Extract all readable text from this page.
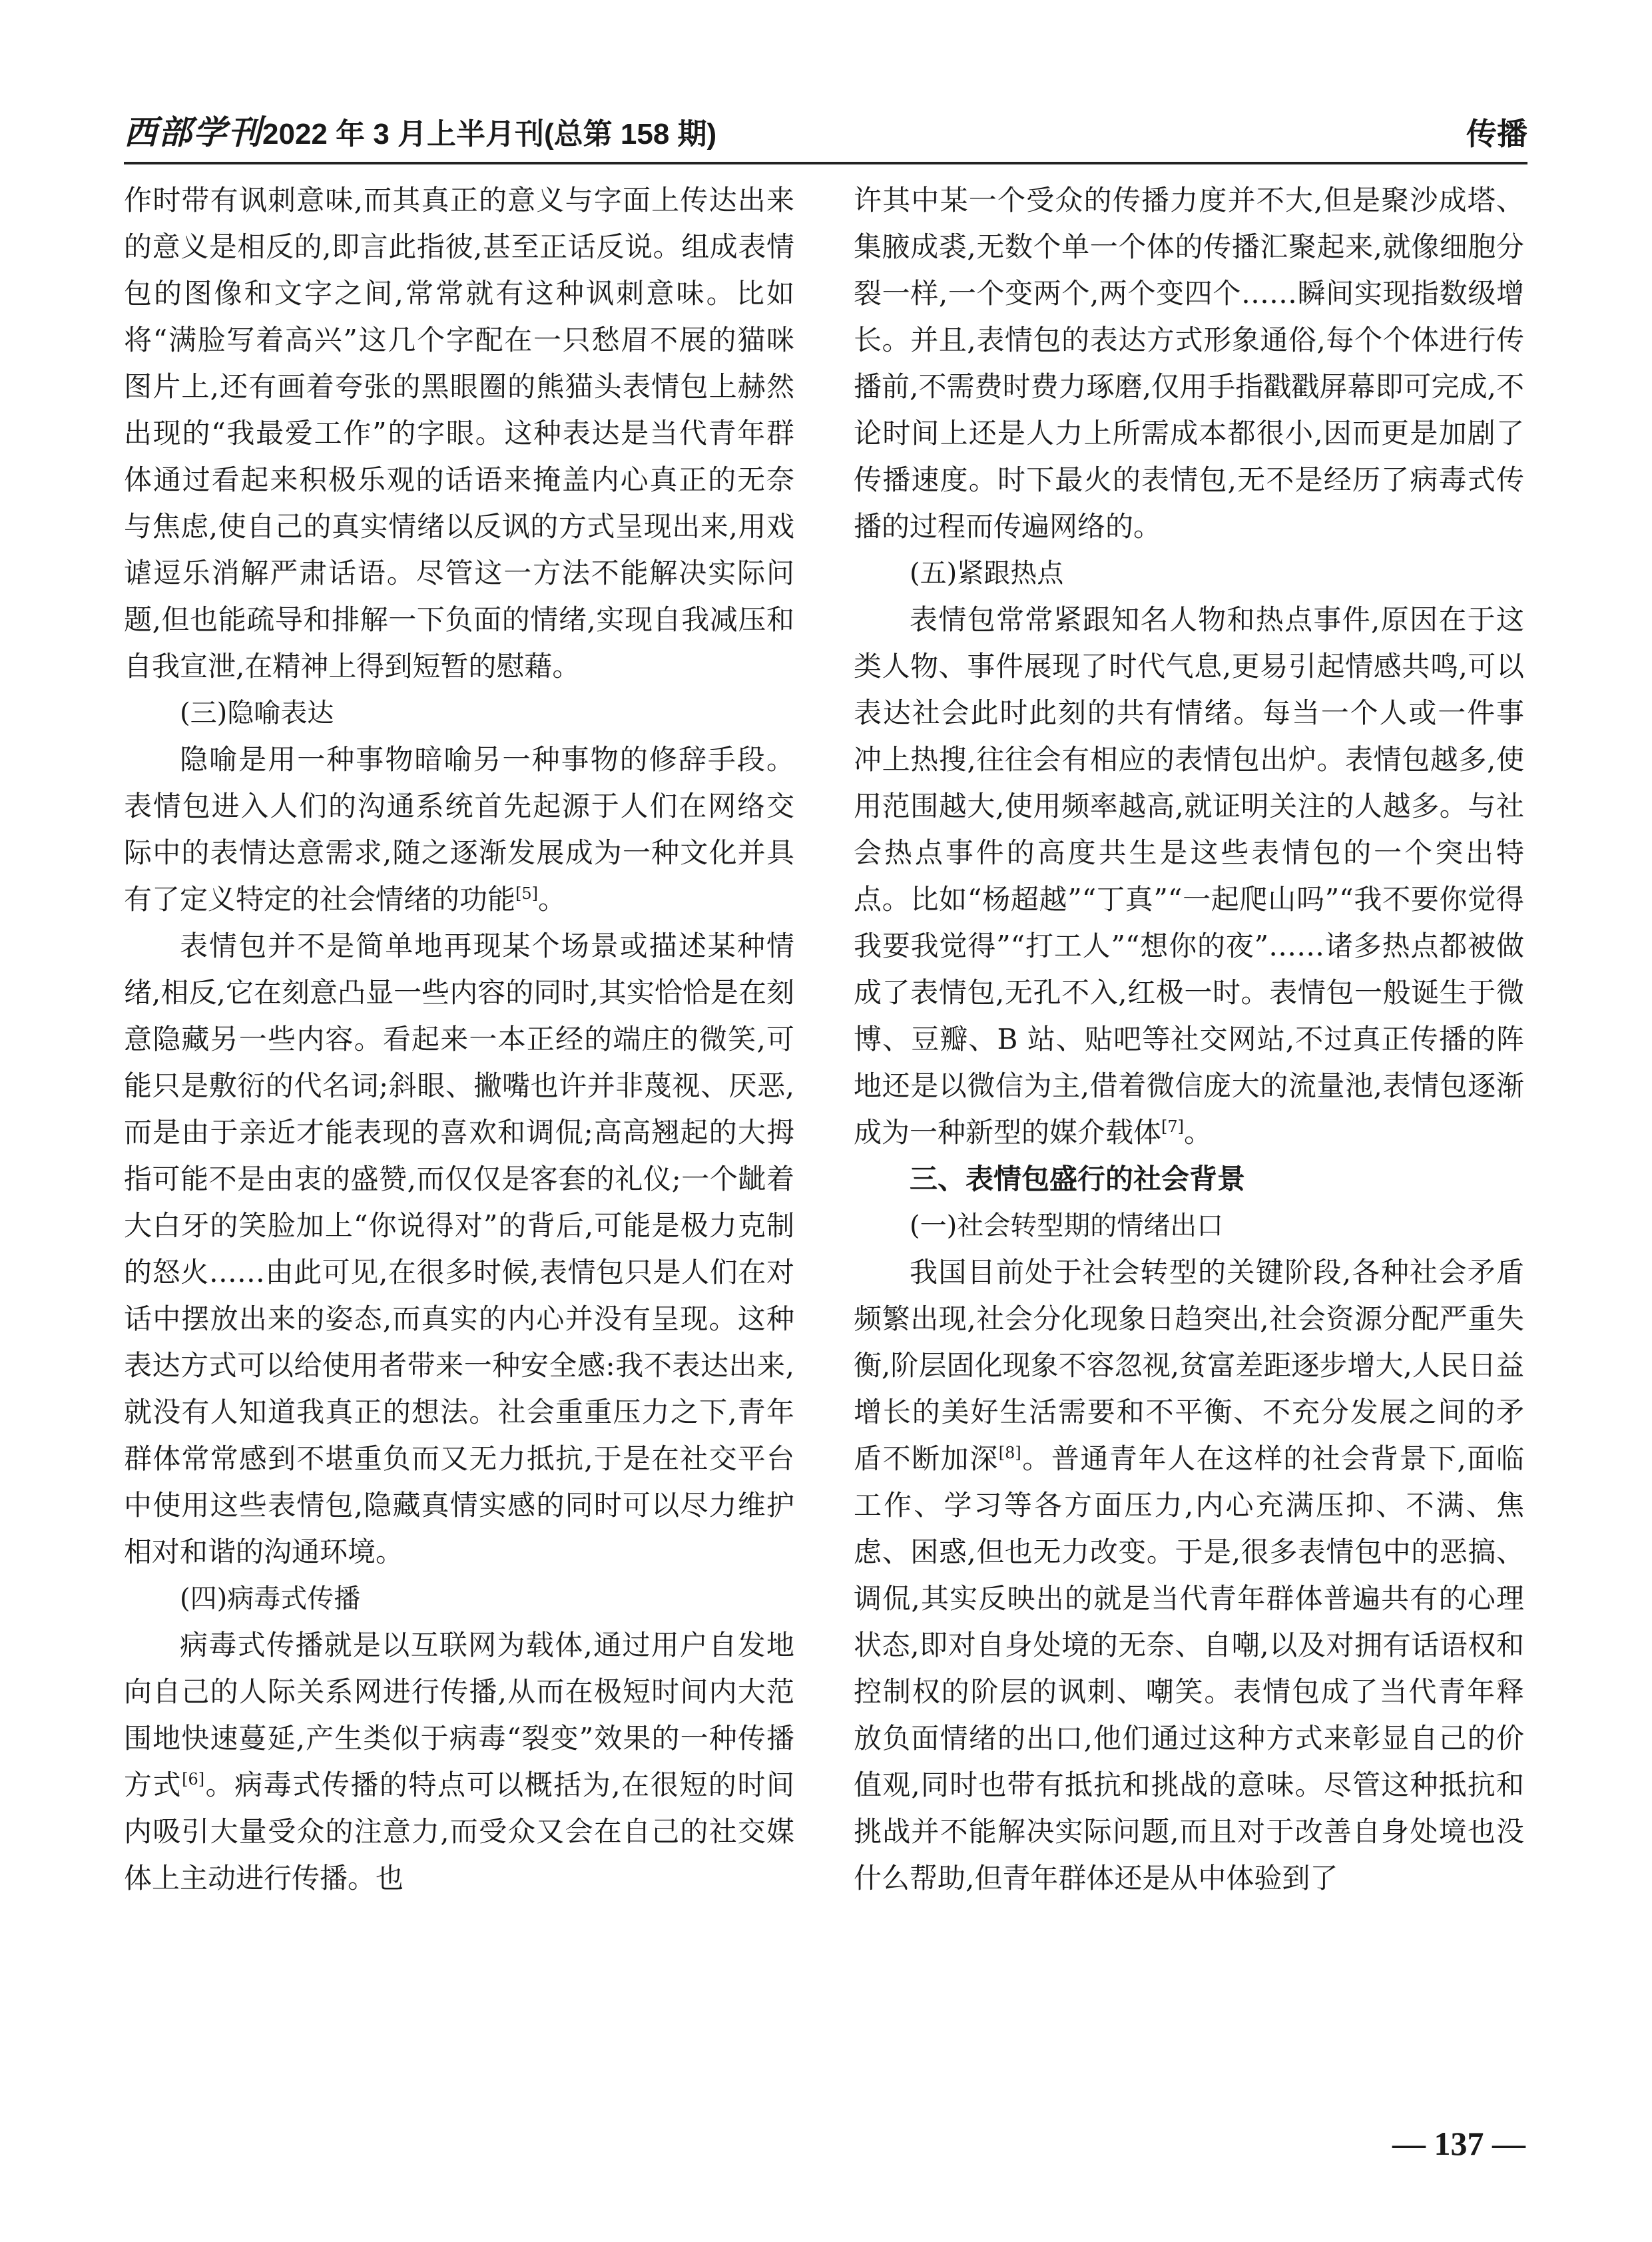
西部学刊 2022 年 3 月上半月刊(总第 158 期)	传播

作时带有讽刺意味,而其真正的意义与字面上传达出来的意义是相反的,即言此指彼,甚至正话反说。组成表情包的图像和文字之间,常常就有这种讽刺意味。比如将“满脸写着高兴”这几个字配在一只愁眉不展的猫咪图片上,还有画着夸张的黑眼圈的熊猫头表情包上赫然出现的“我最爱工作”的字眼。这种表达是当代青年群体通过看起来积极乐观的话语来掩盖内心真正的无奈与焦虑,使自己的真实情绪以反讽的方式呈现出来,用戏谑逗乐消解严肃话语。尽管这一方法不能解决实际问题,但也能疏导和排解一下负面的情绪,实现自我减压和自我宣泄,在精神上得到短暂的慰藉。

(三)隐喻表达

隐喻是用一种事物暗喻另一种事物的修辞手段。表情包进入人们的沟通系统首先起源于人们在网络交际中的表情达意需求,随之逐渐发展成为一种文化并具有了定义特定的社会情绪的功能[5]。

表情包并不是简单地再现某个场景或描述某种情绪,相反,它在刻意凸显一些内容的同时,其实恰恰是在刻意隐藏另一些内容。看起来一本正经的端庄的微笑,可能只是敷衍的代名词;斜眼、撇嘴也许并非蔑视、厌恶,而是由于亲近才能表现的喜欢和调侃;高高翘起的大拇指可能不是由衷的盛赞,而仅仅是客套的礼仪;一个龇着大白牙的笑脸加上“你说得对”的背后,可能是极力克制的怒火……由此可见,在很多时候,表情包只是人们在对话中摆放出来的姿态,而真实的内心并没有呈现。这种表达方式可以给使用者带来一种安全感:我不表达出来,就没有人知道我真正的想法。社会重重压力之下,青年群体常常感到不堪重负而又无力抵抗,于是在社交平台中使用这些表情包,隐藏真情实感的同时可以尽力维护相对和谐的沟通环境。

(四)病毒式传播

病毒式传播就是以互联网为载体,通过用户自发地向自己的人际关系网进行传播,从而在极短时间内大范围地快速蔓延,产生类似于病毒“裂变”效果的一种传播方式[6]。病毒式传播的特点可以概括为,在很短的时间内吸引大量受众的注意力,而受众又会在自己的社交媒体上主动进行传播。也

许其中某一个受众的传播力度并不大,但是聚沙成塔、集腋成裘,无数个单一个体的传播汇聚起来,就像细胞分裂一样,一个变两个,两个变四个……瞬间实现指数级增长。并且,表情包的表达方式形象通俗,每个个体进行传播前,不需费时费力琢磨,仅用手指戳戳屏幕即可完成,不论时间上还是人力上所需成本都很小,因而更是加剧了传播速度。时下最火的表情包,无不是经历了病毒式传播的过程而传遍网络的。

(五)紧跟热点

表情包常常紧跟知名人物和热点事件,原因在于这类人物、事件展现了时代气息,更易引起情感共鸣,可以表达社会此时此刻的共有情绪。每当一个人或一件事冲上热搜,往往会有相应的表情包出炉。表情包越多,使用范围越大,使用频率越高,就证明关注的人越多。与社会热点事件的高度共生是这些表情包的一个突出特点。比如“杨超越”“丁真”“一起爬山吗”“我不要你觉得我要我觉得”“打工人”“想你的夜”……诸多热点都被做成了表情包,无孔不入,红极一时。表情包一般诞生于微博、豆瓣、B 站、贴吧等社交网站,不过真正传播的阵地还是以微信为主,借着微信庞大的流量池,表情包逐渐成为一种新型的媒介载体[7]。

三、表情包盛行的社会背景
(一)社会转型期的情绪出口

我国目前处于社会转型的关键阶段,各种社会矛盾频繁出现,社会分化现象日趋突出,社会资源分配严重失衡,阶层固化现象不容忽视,贫富差距逐步增大,人民日益增长的美好生活需要和不平衡、不充分发展之间的矛盾不断加深[8]。普通青年人在这样的社会背景下,面临工作、学习等各方面压力,内心充满压抑、不满、焦虑、困惑,但也无力改变。于是,很多表情包中的恶搞、调侃,其实反映出的就是当代青年群体普遍共有的心理状态,即对自身处境的无奈、自嘲,以及对拥有话语权和控制权的阶层的讽刺、嘲笑。表情包成了当代青年释放负面情绪的出口,他们通过这种方式来彰显自己的价值观,同时也带有抵抗和挑战的意味。尽管这种抵抗和挑战并不能解决实际问题,而且对于改善自身处境也没什么帮助,但青年群体还是从中体验到了

— 137 —
